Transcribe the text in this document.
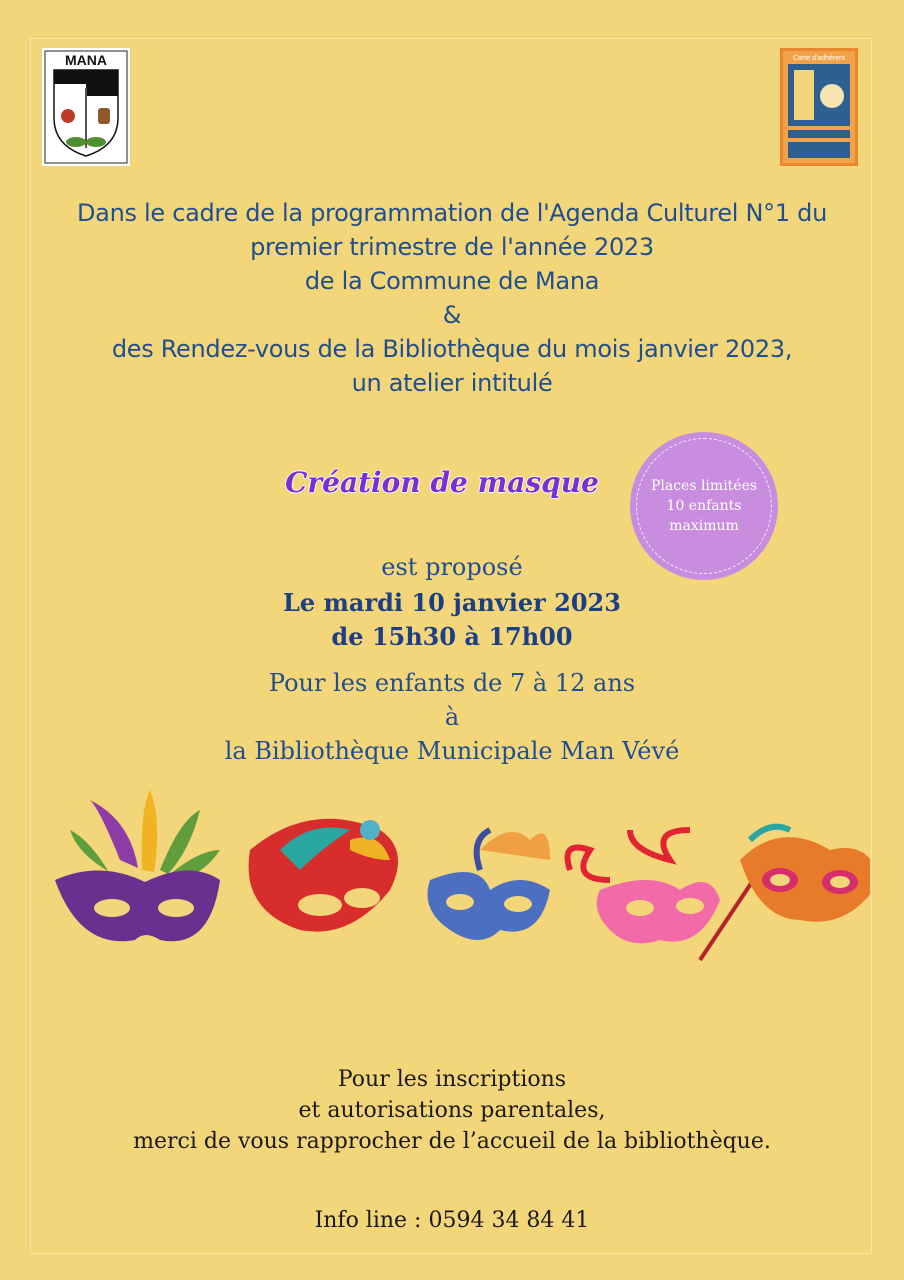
MANA	Carte d'adhérent
Dans le cadre de la programmation de l'Agenda Culturel N°1 du
premier trimestre de l'année 2023
de la Commune de Mana
&
des Rendez-vous de la Bibliothèque du mois janvier 2023,
un atelier intitulé
Création de masque	Places limitées
10 enfants
maximum
est proposé
Le mardi 10 janvier 2023
de 15h30 à 17h00
Pour les enfants de 7 à 12 ans
à
la Bibliothèque Municipale Man Vévé
Pour les inscriptions
et autorisations parentales,
merci de vous rapprocher de l’accueil de la bibliothèque.
Info line : 0594 34 84 41
